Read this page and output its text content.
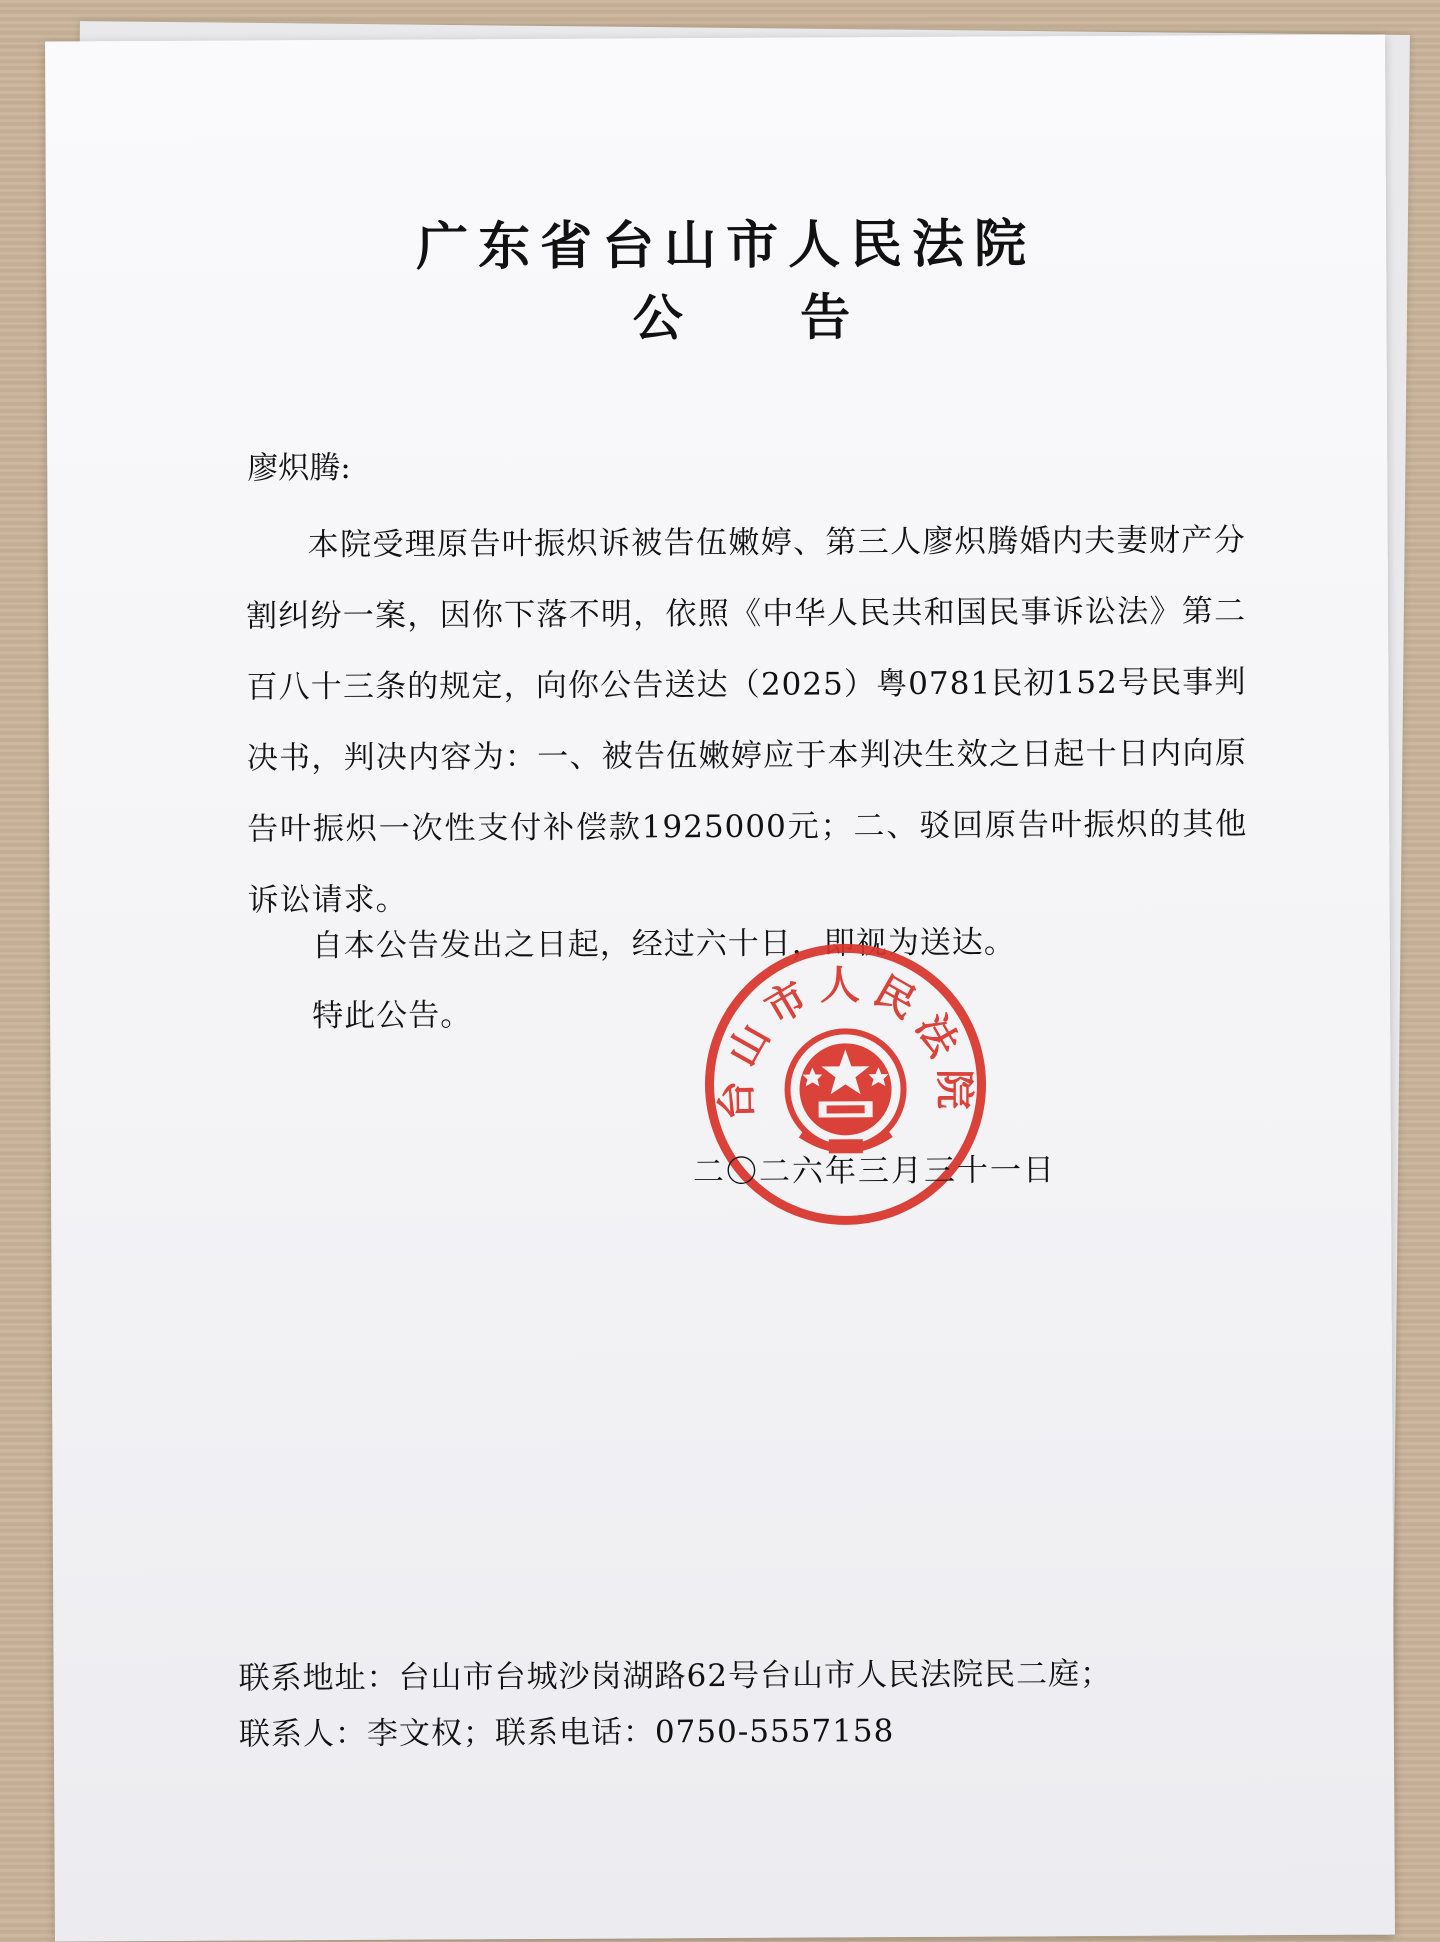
广东省台山市人民法院
公 告
廖炽腾:

本院受理原告叶振炽诉被告伍嫩婷、第三人廖炽腾婚内夫妻财产分割纠纷一案，因你下落不明，依照《中华人民共和国民事诉讼法》第二百八十三条的规定，向你公告送达（2025）粤0781民初152号民事判决书，判决内容为：一、被告伍嫩婷应于本判决生效之日起十日内向原告叶振炽一次性支付补偿款1925000元；二、驳回原告叶振炽的其他诉讼请求。

自本公告发出之日起，经过六十日，即视为送达。
特此公告。
台山市人民法院
二〇二六年三月三十一日
联系地址：台山市台城沙岗湖路62号台山市人民法院民二庭；
联系人：李文权；联系电话：0750-5557158
